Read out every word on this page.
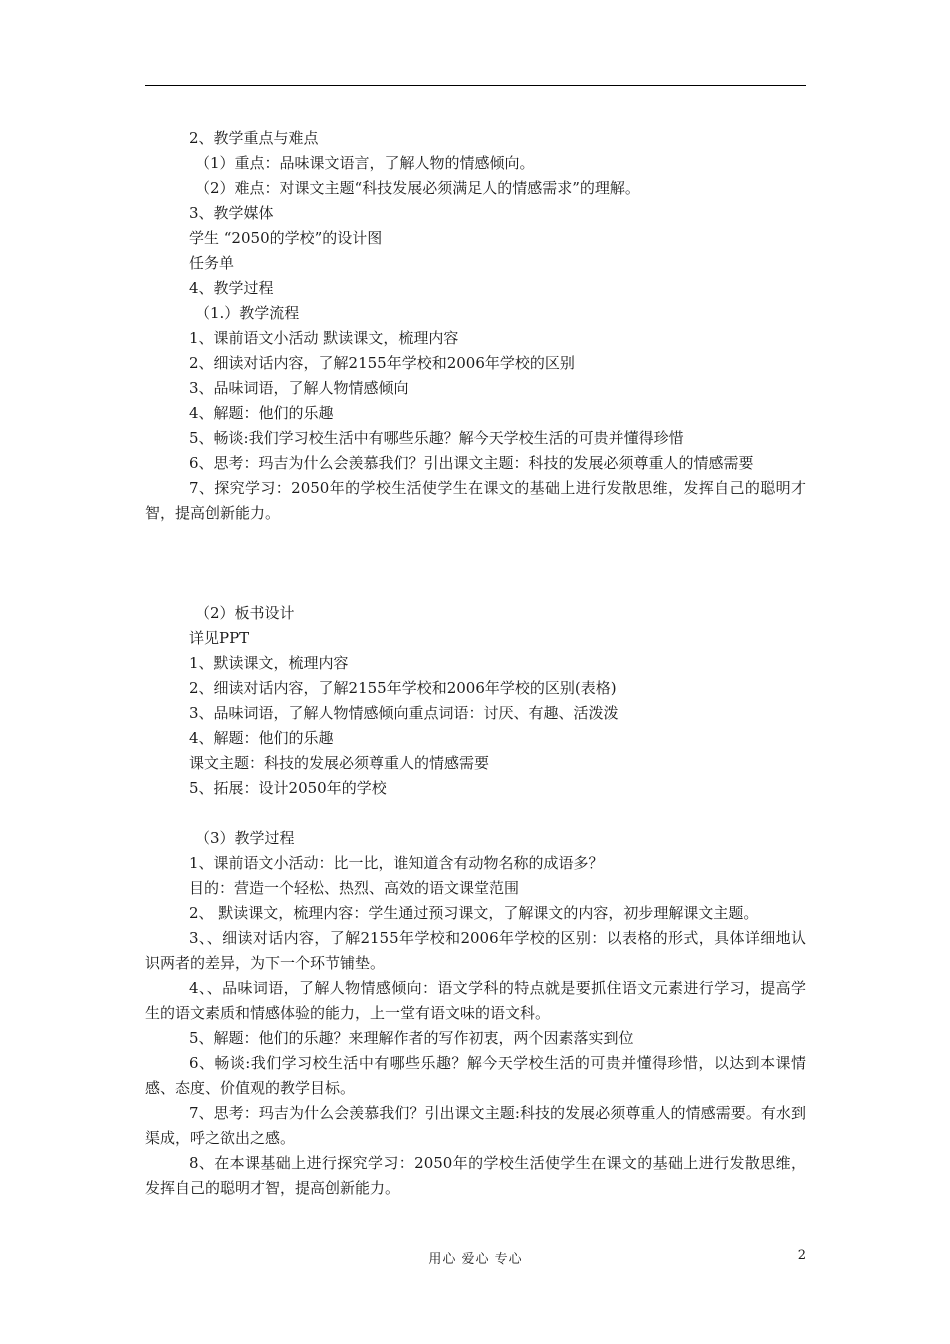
2、教学重点与难点

（1）重点：品味课文语言，了解人物的情感倾向。

（2）难点：对课文主题“科技发展必须满足人的情感需求”的理解。

3、教学媒体

学生 “2050的学校”的设计图

任务单

4、教学过程

（1.）教学流程

1、课前语文小活动 默读课文，梳理内容

2、细读对话内容，了解2155年学校和2006年学校的区别

3、品味词语，了解人物情感倾向

4、解题：他们的乐趣

5、畅谈:我们学习校生活中有哪些乐趣？解今天学校生活的可贵并懂得珍惜

6、思考：玛吉为什么会羡慕我们？引出课文主题：科技的发展必须尊重人的情感需要

7、探究学习：2050年的学校生活使学生在课文的基础上进行发散思维，发挥自己的聪明才智，提高创新能力。

（2）板书设计

详见PPT

1、默读课文，梳理内容

2、细读对话内容，了解2155年学校和2006年学校的区别(表格)

3、品味词语，了解人物情感倾向重点词语：讨厌、有趣、活泼泼

4、解题：他们的乐趣

课文主题：科技的发展必须尊重人的情感需要

5、拓展：设计2050年的学校

（3）教学过程

1、课前语文小活动：比一比，谁知道含有动物名称的成语多？

目的：营造一个轻松、热烈、高效的语文课堂范围

2、 默读课文，梳理内容：学生通过预习课文，了解课文的内容，初步理解课文主题。

3、、细读对话内容，了解2155年学校和2006年学校的区别：以表格的形式，具体详细地认识两者的差异，为下一个环节铺垫。

4、、品味词语，了解人物情感倾向：语文学科的特点就是要抓住语文元素进行学习，提高学生的语文素质和情感体验的能力，上一堂有语文味的语文科。

5、解题：他们的乐趣？来理解作者的写作初衷，两个因素落实到位

6、畅谈:我们学习校生活中有哪些乐趣？解今天学校生活的可贵并懂得珍惜，以达到本课情感、态度、价值观的教学目标。

7、思考：玛吉为什么会羡慕我们？引出课文主题:科技的发展必须尊重人的情感需要。有水到渠成，呼之欲出之感。

8、在本课基础上进行探究学习：2050年的学校生活使学生在课文的基础上进行发散思维，发挥自己的聪明才智，提高创新能力。

用心 爱心 专心	2
